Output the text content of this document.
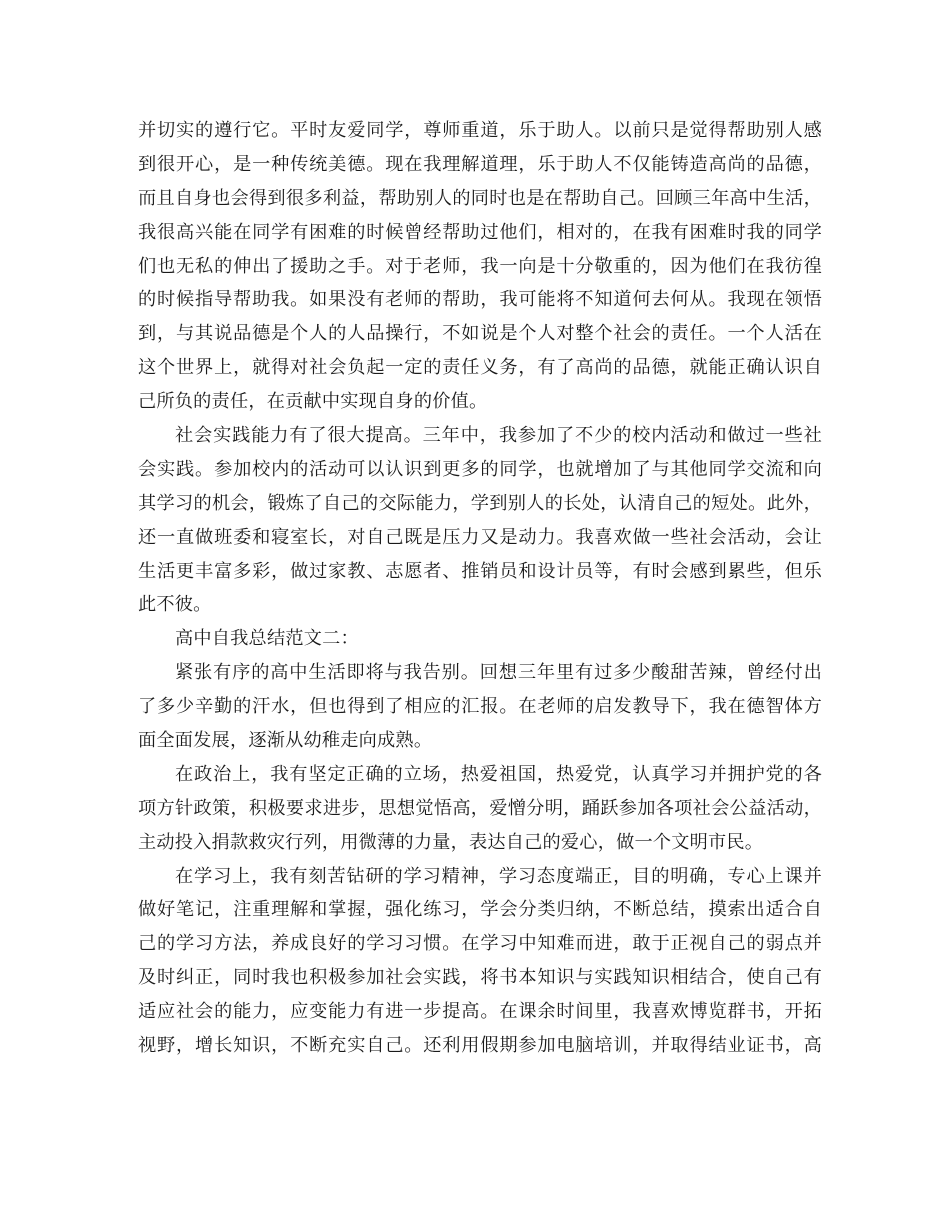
并切实的遵行它。平时友爱同学，尊师重道，乐于助人。以前只是觉得帮助别人感
到很开心，是一种传统美德。现在我理解道理，乐于助人不仅能铸造高尚的品德，
而且自身也会得到很多利益，帮助别人的同时也是在帮助自己。回顾三年高中生活，
我很高兴能在同学有困难的时候曾经帮助过他们，相对的，在我有困难时我的同学
们也无私的伸出了援助之手。对于老师，我一向是十分敬重的，因为他们在我彷徨
的时候指导帮助我。如果没有老师的帮助，我可能将不知道何去何从。我现在领悟
到，与其说品德是个人的人品操行，不如说是个人对整个社会的责任。一个人活在
这个世界上，就得对社会负起一定的责任义务，有了高尚的品德，就能正确认识自
己所负的责任，在贡献中实现自身的价值。
社会实践能力有了很大提高。三年中，我参加了不少的校内活动和做过一些社
会实践。参加校内的活动可以认识到更多的同学，也就增加了与其他同学交流和向
其学习的机会，锻炼了自己的交际能力，学到别人的长处，认清自己的短处。此外，
还一直做班委和寝室长，对自己既是压力又是动力。我喜欢做一些社会活动，会让
生活更丰富多彩，做过家教、志愿者、推销员和设计员等，有时会感到累些，但乐
此不彼。
高中自我总结范文二：
紧张有序的高中生活即将与我告别。回想三年里有过多少酸甜苦辣，曾经付出
了多少辛勤的汗水，但也得到了相应的汇报。在老师的启发教导下，我在德智体方
面全面发展，逐渐从幼稚走向成熟。
在政治上，我有坚定正确的立场，热爱祖国，热爱党，认真学习并拥护党的各
项方针政策，积极要求进步，思想觉悟高，爱憎分明，踊跃参加各项社会公益活动，
主动投入捐款救灾行列，用微薄的力量，表达自己的爱心，做一个文明市民。
在学习上，我有刻苦钻研的学习精神，学习态度端正，目的明确，专心上课并
做好笔记，注重理解和掌握，强化练习，学会分类归纳，不断总结，摸索出适合自
己的学习方法，养成良好的学习习惯。在学习中知难而进，敢于正视自己的弱点并
及时纠正，同时我也积极参加社会实践，将书本知识与实践知识相结合，使自己有
适应社会的能力，应变能力有进一步提高。在课余时间里，我喜欢博览群书，开拓
视野，增长知识，不断充实自己。还利用假期参加电脑培训，并取得结业证书，高
